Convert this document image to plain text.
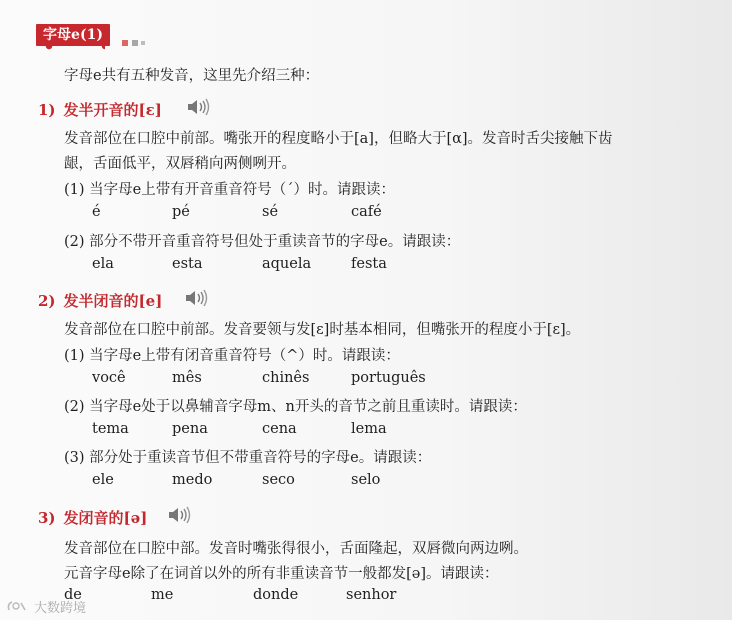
字母e(1)
字母e共有五种发音，这里先介绍三种：
1) 发半开音的[ɛ]
发音部位在口腔中前部。嘴张开的程度略小于[a]，但略大于[α]。发音时舌尖接触下齿
龈，舌面低平，双唇稍向两侧咧开。
(1) 当字母e上带有开音重音符号（´）时。请跟读：
é	pé	sé	café
(2) 部分不带开音重音符号但处于重读音节的字母e。请跟读：
ela	esta	aquela	festa
2) 发半闭音的[e]
发音部位在口腔中前部。发音要领与发[ɛ]时基本相同，但嘴张开的程度小于[ɛ]。
(1) 当字母e上带有闭音重音符号（^）时。请跟读：
você	mês	chinês	português
(2) 当字母e处于以鼻辅音字母m、n开头的音节之前且重读时。请跟读：
tema	pena	cena	lema
(3) 部分处于重读音节但不带重音符号的字母e。请跟读：
ele	medo	seco	selo
3) 发闭音的[ə]
发音部位在口腔中部。发音时嘴张得很小，舌面隆起，双唇微向两边咧。
元音字母e除了在词首以外的所有非重读音节一般都发[ə]。请跟读：
de	me	donde	senhor
大数跨境
